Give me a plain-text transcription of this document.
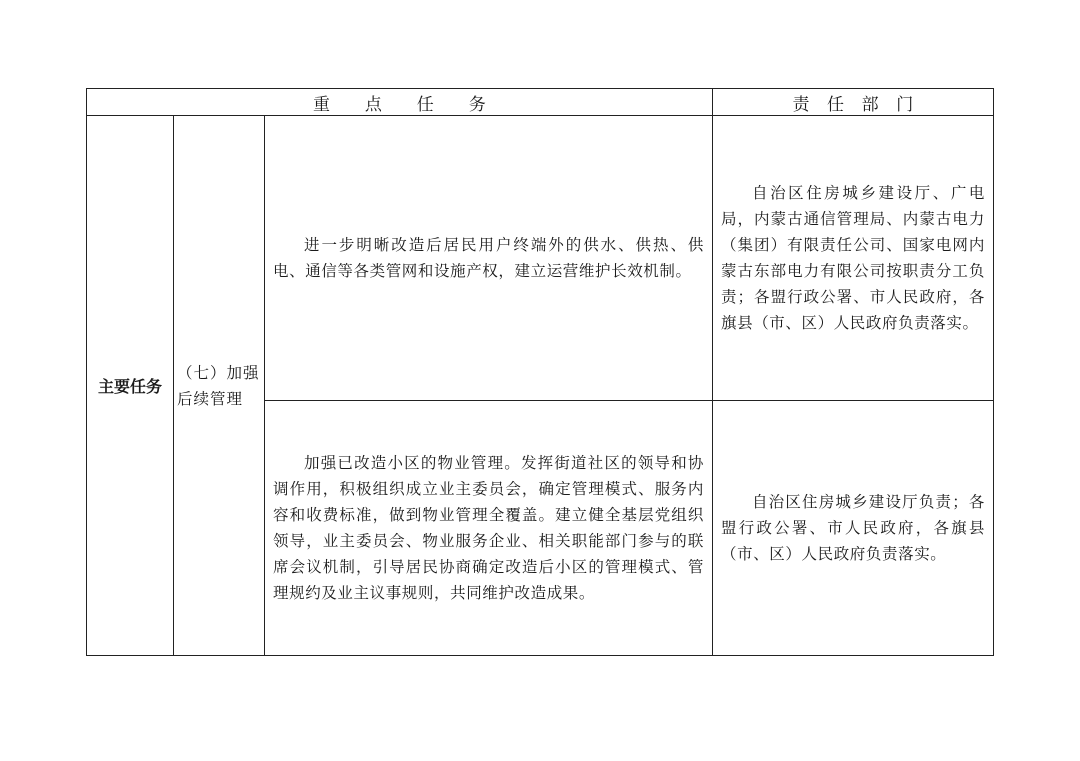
重　　点　　任　　务	责　任　部　门
主要任务
（七）加强后续管理
进一步明晰改造后居民用户终端外的供水、供热、供电、通信等各类管网和设施产权，建立运营维护长效机制。
自治区住房城乡建设厅、广电局，内蒙古通信管理局、内蒙古电力（集团）有限责任公司、国家电网内蒙古东部电力有限公司按职责分工负责；各盟行政公署、市人民政府，各旗县（市、区）人民政府负责落实。
加强已改造小区的物业管理。发挥街道社区的领导和协调作用，积极组织成立业主委员会，确定管理模式、服务内容和收费标准，做到物业管理全覆盖。建立健全基层党组织领导，业主委员会、物业服务企业、相关职能部门参与的联席会议机制，引导居民协商确定改造后小区的管理模式、管理规约及业主议事规则，共同维护改造成果。
自治区住房城乡建设厅负责；各盟行政公署、市人民政府，各旗县（市、区）人民政府负责落实。
